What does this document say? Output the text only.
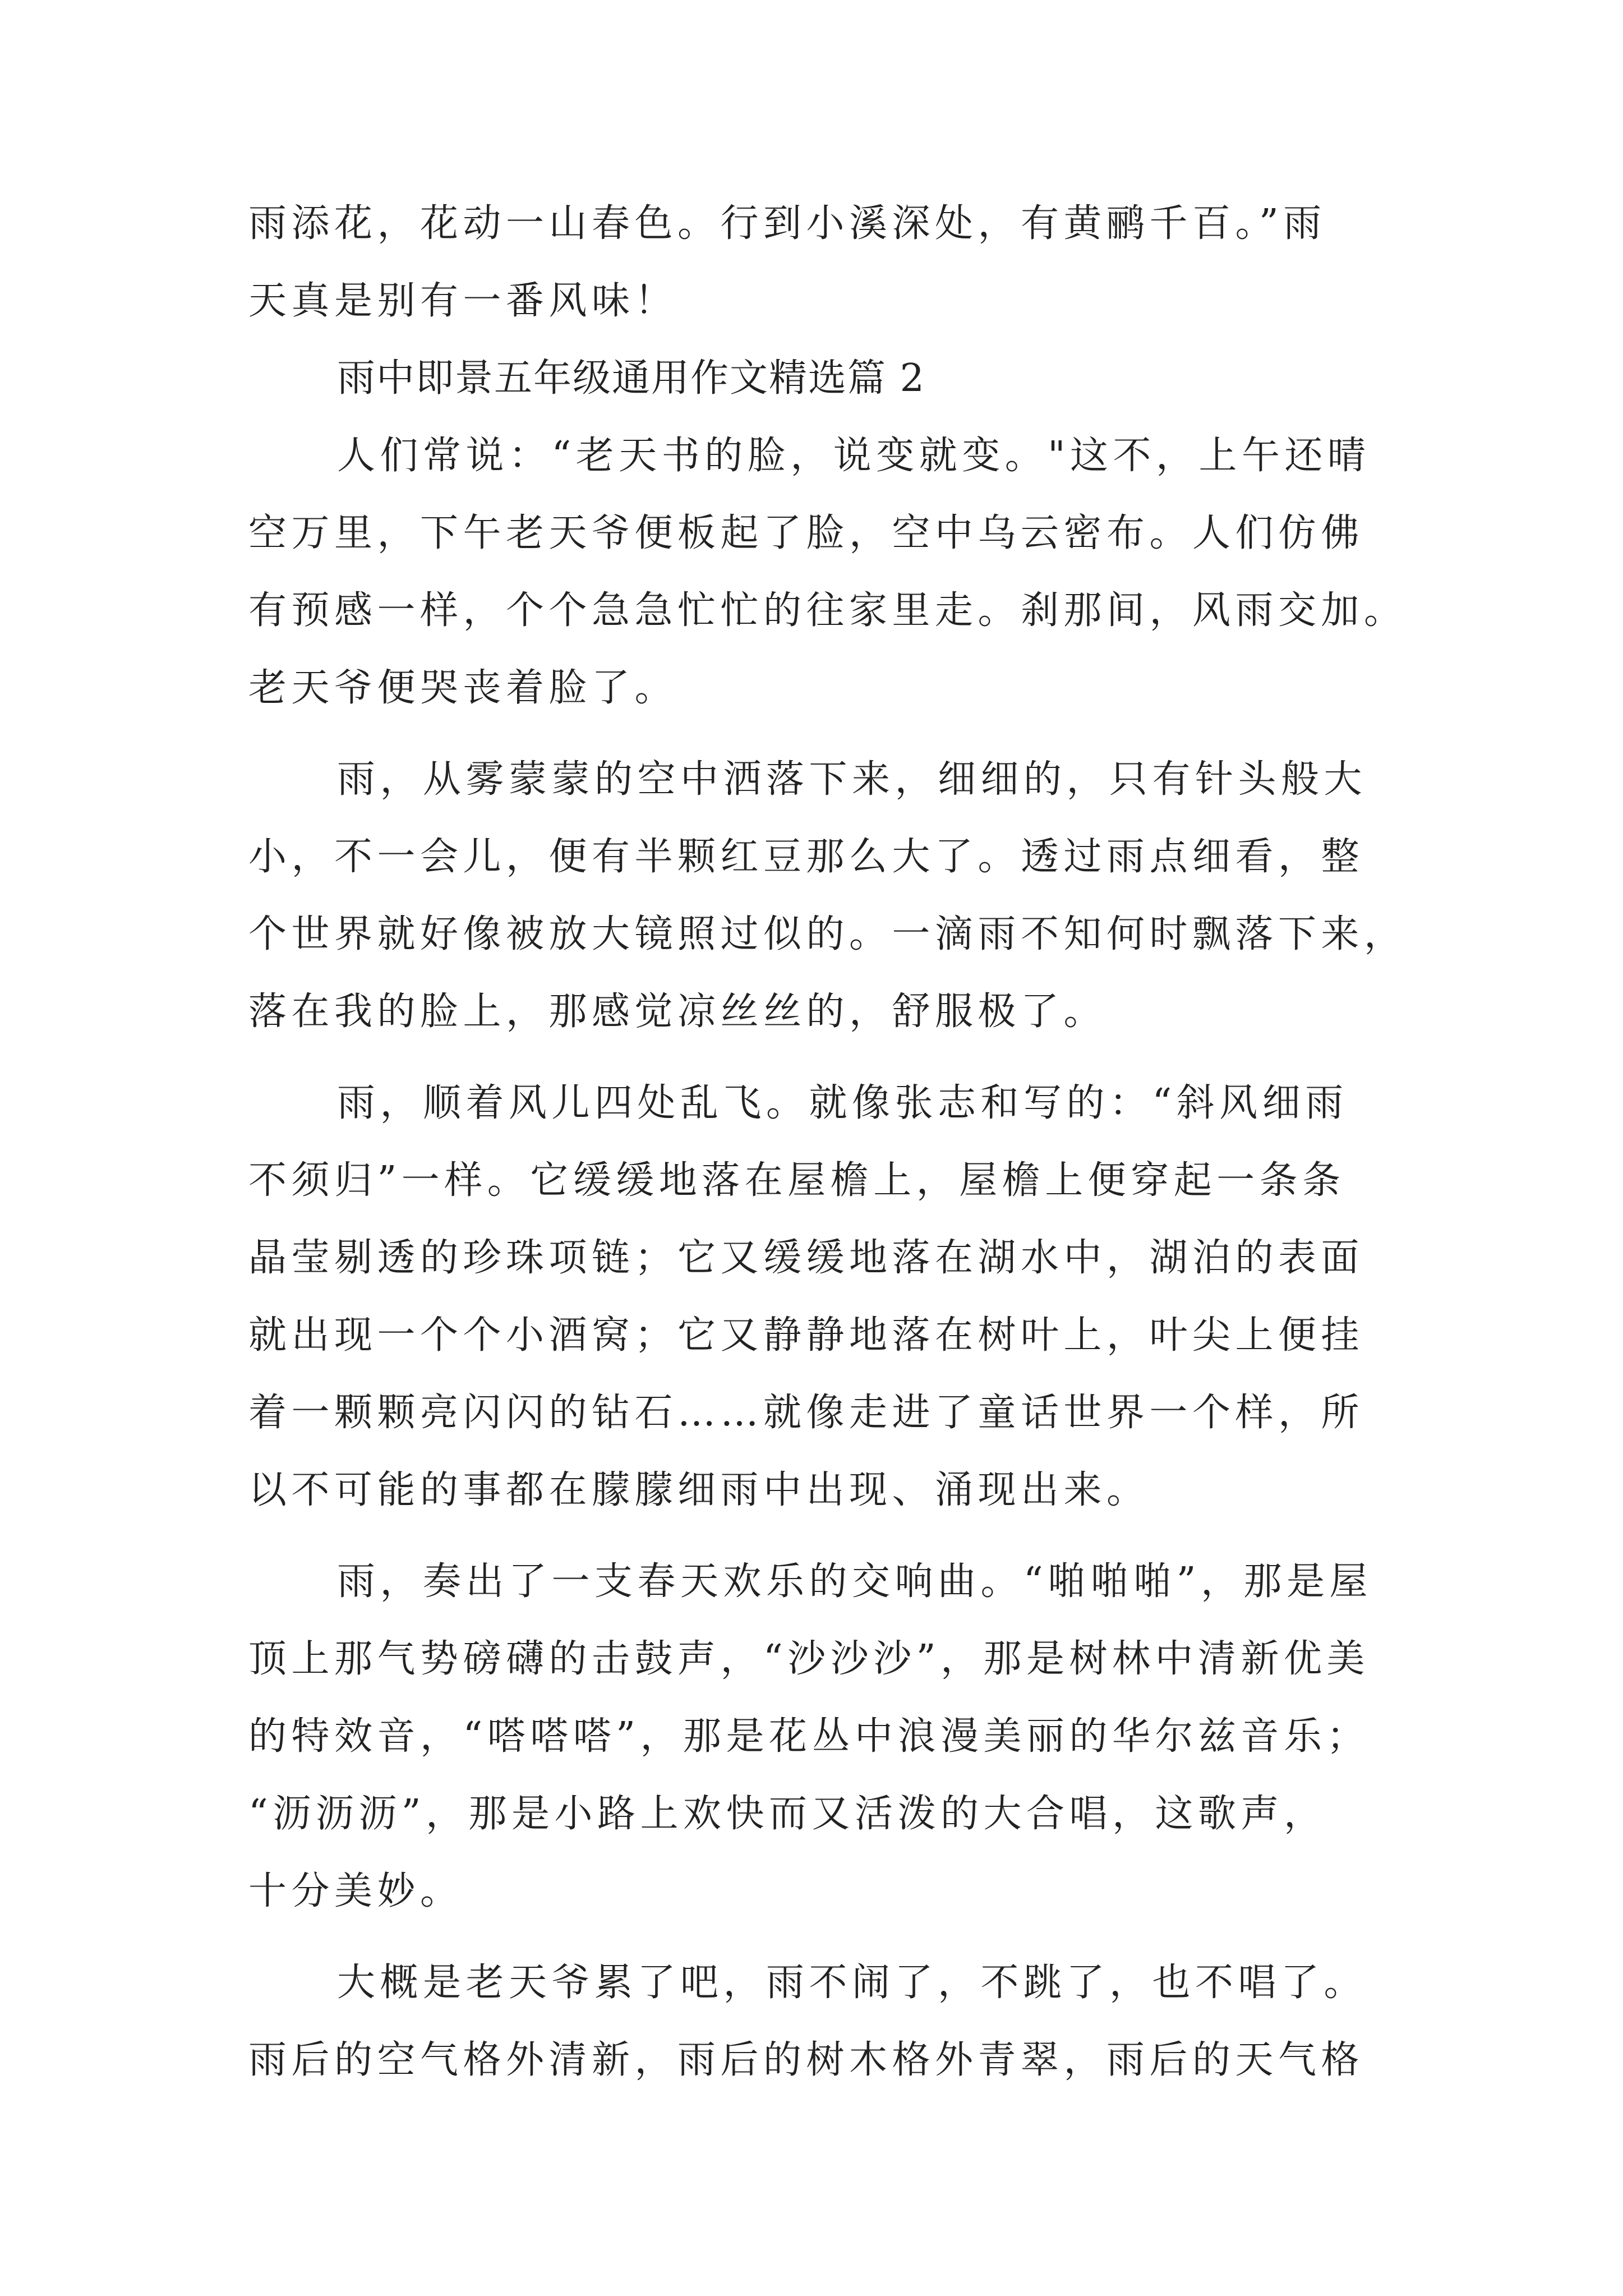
雨添花，花动一山春色。行到小溪深处，有黄鹂千百。”雨

天真是别有一番风味！

雨中即景五年级通用作文精选篇 2

人们常说：“老天书的脸，说变就变。"这不，上午还晴

空万里，下午老天爷便板起了脸，空中乌云密布。人们仿佛

有预感一样，个个急急忙忙的往家里走。刹那间，风雨交加。

老天爷便哭丧着脸了。

雨，从雾蒙蒙的空中洒落下来，细细的，只有针头般大

小，不一会儿，便有半颗红豆那么大了。透过雨点细看，整

个世界就好像被放大镜照过似的。一滴雨不知何时飘落下来，

落在我的脸上，那感觉凉丝丝的，舒服极了。

雨，顺着风儿四处乱飞。就像张志和写的：“斜风细雨

不须归”一样。它缓缓地落在屋檐上，屋檐上便穿起一条条

晶莹剔透的珍珠项链；它又缓缓地落在湖水中，湖泊的表面

就出现一个个小酒窝；它又静静地落在树叶上，叶尖上便挂

着一颗颗亮闪闪的钻石……就像走进了童话世界一个样，所

以不可能的事都在朦朦细雨中出现、涌现出来。

雨，奏出了一支春天欢乐的交响曲。“啪啪啪”，那是屋

顶上那气势磅礴的击鼓声，“沙沙沙”，那是树林中清新优美

的特效音，“嗒嗒嗒”，那是花丛中浪漫美丽的华尔兹音乐；

“沥沥沥”，那是小路上欢快而又活泼的大合唱，这歌声，

十分美妙。

大概是老天爷累了吧，雨不闹了，不跳了，也不唱了。

雨后的空气格外清新，雨后的树木格外青翠，雨后的天气格
